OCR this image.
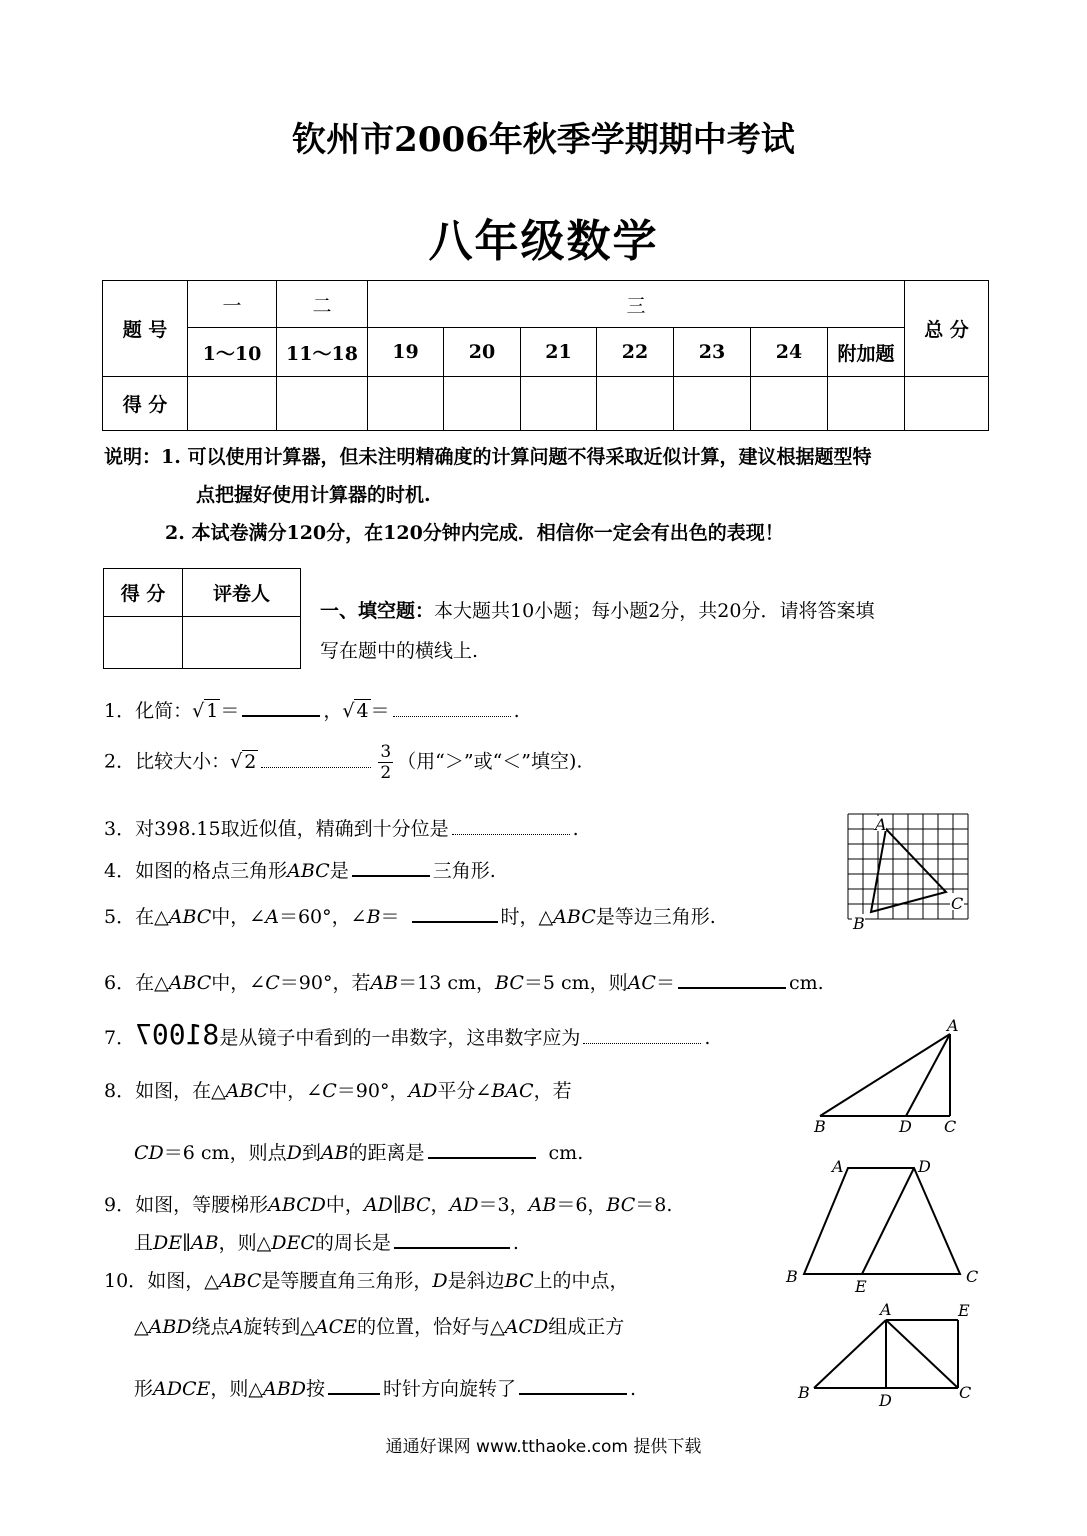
钦州市2006年秋季学期期中考试
八年级数学
题 号	一	二	三							总 分
	1～10	11～18	19	20	21	22	23	24	附加题	
得 分										
说明：1. 可以使用计算器，但未注明精确度的计算问题不得采取近似计算，建议根据题型特
点把握好使用计算器的时机.
2. 本试卷满分120分，在120分钟内完成．相信你一定会有出色的表现！
得 分	评卷人

一、填空题：本大题共10小题；每小题2分，共20分．请将答案填
写在题中的横线上.
1．化简：√ 1 ＝	，√ 4 ＝	.
2．比较大小：√ 2	$\frac{3}{2}$ （用“＞”或“＜”填空).
3．对398.15取近似值，精确到十分位是	.
4．如图的格点三角形ABC是	三角形.
5．在△ABC中，∠A＝60°，∠B＝	时，△ABC是等边三角形.
6．在△ABC中，∠C＝90°，若AB＝13 cm，BC＝5 cm，则AC＝	cm.
7．81007是从镜子中看到的一串数字，这串数字应为	.
8．如图，在△ABC中，∠C＝90°，AD平分∠BAC，若
CD＝6 cm，则点D到AB的距离是	cm.
9．如图，等腰梯形ABCD中，AD∥BC，AD＝3，AB＝6，BC＝8.
且DE∥AB，则△DEC的周长是	.
10．如图，△ABC是等腰直角三角形，D是斜边BC上的中点，
△ABD绕点A旋转到△ACE的位置，恰好与△ACD组成正方
形ADCE，则△ABD按	时针方向旋转了	.
A
B
C
A
B	D C
A	D
B
E
C
A	E
B	D	C
通通好课网 www.tthaoke.com 提供下载
